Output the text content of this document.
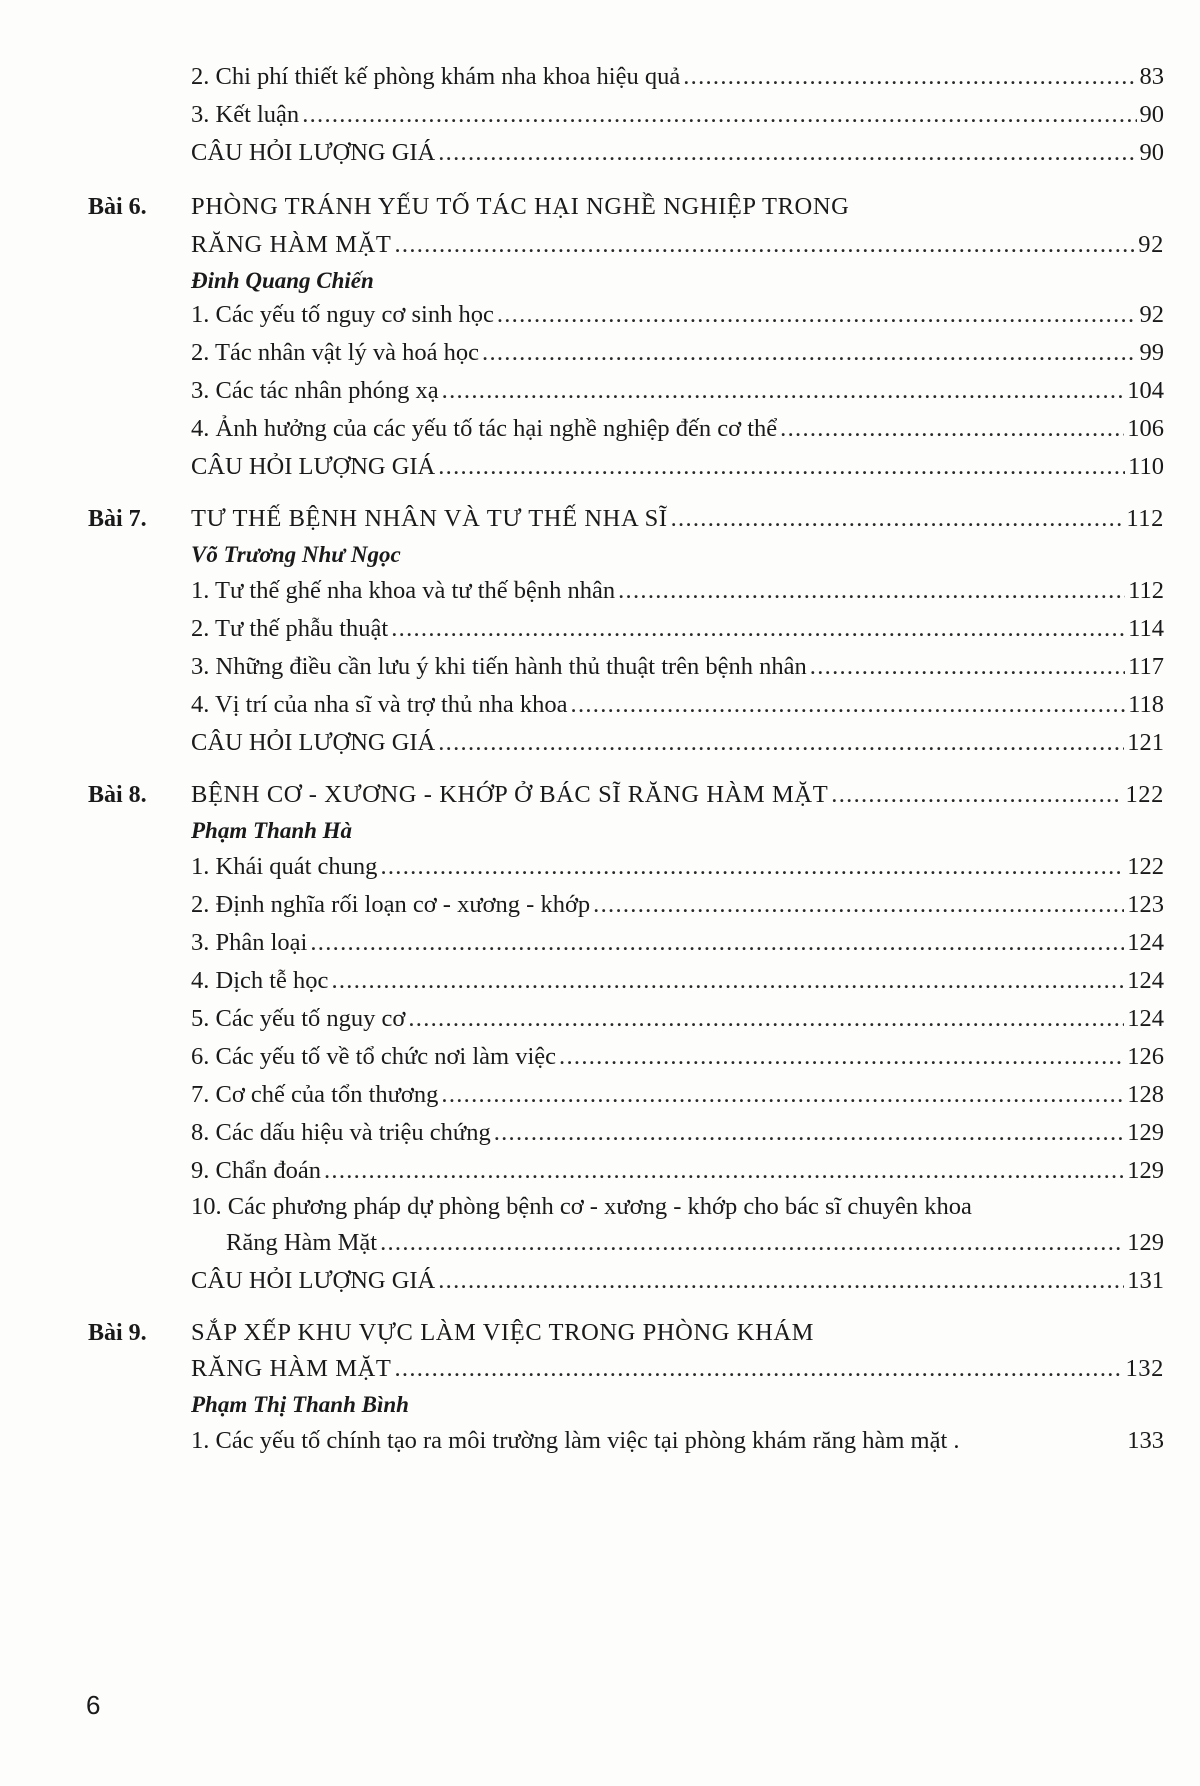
2. Chi phí thiết kế phòng khám nha khoa hiệu quả .....	83
3. Kết luận .....	90
CÂU HỎI LƯỢNG GIÁ .....	90
Bài 6. PHÒNG TRÁNH YẾU TỐ TÁC HẠI NGHỀ NGHIỆP TRONG
RĂNG HÀM MẶT .....	92
Đinh Quang Chiến
1. Các yếu tố nguy cơ sinh học .....	92
2. Tác nhân vật lý và hoá học .....	99
3. Các tác nhân phóng xạ .....	104
4. Ảnh hưởng của các yếu tố tác hại nghề nghiệp đến cơ thể .....	106
CÂU HỎI LƯỢNG GIÁ .....	110
Bài 7. TƯ THẾ BỆNH NHÂN VÀ TƯ THẾ NHA SĨ .....	112
Võ Trương Như Ngọc
1. Tư thế ghế nha khoa và tư thế bệnh nhân .....	112
2. Tư thế phẫu thuật .....	114
3. Những điều cần lưu ý khi tiến hành thủ thuật trên bệnh nhân .....	117
4. Vị trí của nha sĩ và trợ thủ nha khoa .....	118
CÂU HỎI LƯỢNG GIÁ .....	121
Bài 8. BỆNH CƠ - XƯƠNG - KHỚP Ở BÁC SĨ RĂNG HÀM MẶT .....	122
Phạm Thanh Hà
1. Khái quát chung .....	122
2. Định nghĩa rối loạn cơ - xương - khớp .....	123
3. Phân loại .....	124
4. Dịch tễ học .....	124
5. Các yếu tố nguy cơ .....	124
6. Các yếu tố về tổ chức nơi làm việc .....	126
7. Cơ chế của tổn thương .....	128
8. Các dấu hiệu và triệu chứng .....	129
9. Chẩn đoán .....	129
10. Các phương pháp dự phòng bệnh cơ - xương - khớp cho bác sĩ chuyên khoa
Răng Hàm Mặt .....	129
CÂU HỎI LƯỢNG GIÁ .....	131
Bài 9. SẮP XẾP KHU VỰC LÀM VIỆC TRONG PHÒNG KHÁM
RĂNG HÀM MẶT .....	132
Phạm Thị Thanh Bình
1. Các yếu tố chính tạo ra môi trường làm việc tại phòng khám răng hàm mặt .	133
6
